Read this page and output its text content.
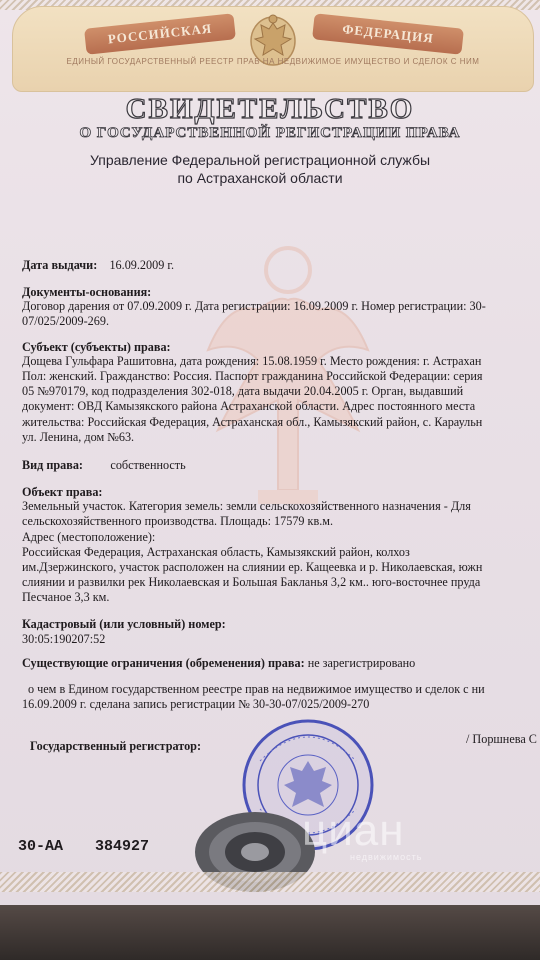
РОССИЙСКАЯ	ФЕДЕРАЦИЯ
ЕДИНЫЙ ГОСУДАРСТВЕННЫЙ РЕЕСТР ПРАВ НА НЕДВИЖИМОЕ ИМУЩЕСТВО И СДЕЛОК С НИМ
СВИДЕТЕЛЬСТВО
О ГОСУДАРСТВЕННОЙ РЕГИСТРАЦИИ ПРАВА
Управление Федеральной регистрационной службы
по Астраханской области
Дата выдачи: 16.09.2009 г.
Документы-основания:
Договор дарения от 07.09.2009 г. Дата регистрации: 16.09.2009 г. Номер регистрации: 30-
07/025/2009-269.
Субъект (субъекты) права:
Дощева Гульфара Рашитовна, дата рождения: 15.08.1959 г. Место рождения: г. Астрахан
Пол: женский. Гражданство: Россия. Паспорт гражданина Российской Федерации: серия
05 №970179, код подразделения 302-018, дата выдачи 20.04.2005 г. Орган, выдавший
документ: ОВД Камызякского района Астраханской области. Адрес постоянного места
жительства: Российская Федерация, Астраханская обл., Камызякский район, с. Караульн
ул. Ленина, дом №63.
Вид права: собственность
Объект права:
Земельный участок. Категория земель: земли сельскохозяйственного назначения - Для
сельскохозяйственного производства. Площадь: 17579 кв.м.
Адрес (местоположение):
Российская Федерация, Астраханская область, Камызякский район, колхоз
им.Дзержинского, участок расположен на слиянии ер. Кащеевка и р. Николаевская, южн
слиянии и развилки рек Николаевская и Большая Бакланья 3,2 км.. юго-восточнее пруда
Песчаное 3,3 км.
Кадастровый (или условный) номер:
30:05:190207:52
Существующие ограничения (обременения) права: не зарегистрировано
о чем в Едином государственном реестре прав на недвижимое имущество и сделок с ни
16.09.2009 г. сделана запись регистрации № 30-30-07/025/2009-270
Государственный регистратор:	/ Поршнева С
циан
недвижимость
30-АА 384927
